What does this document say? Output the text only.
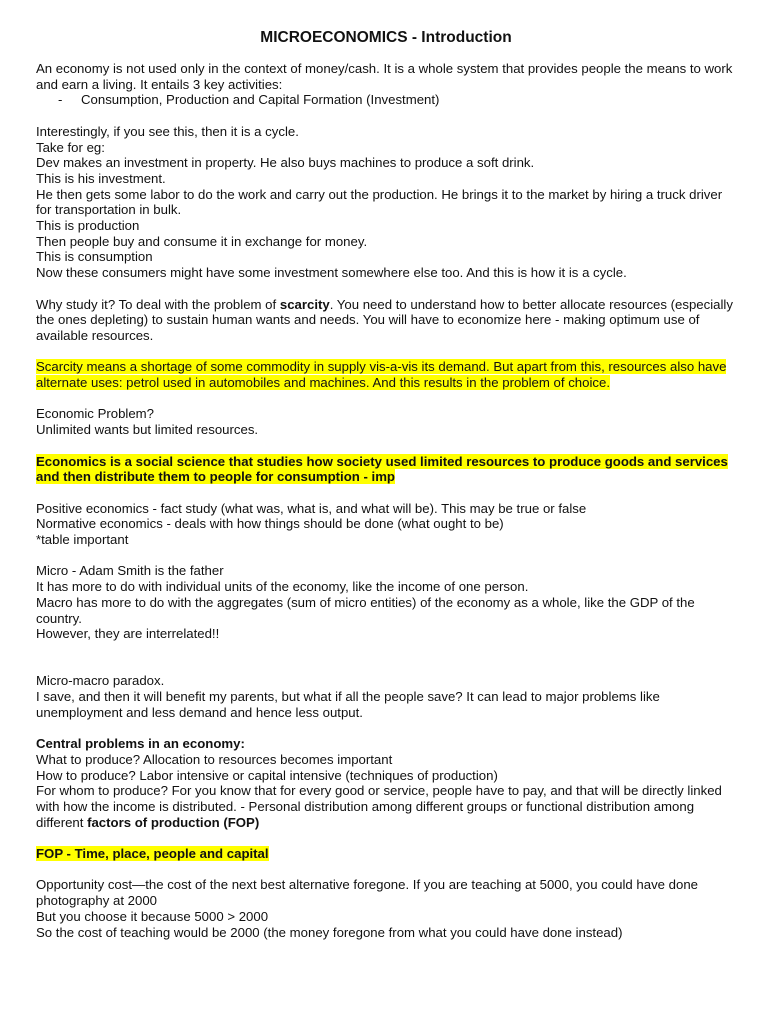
MICROECONOMICS - Introduction

An economy is not used only in the context of money/cash. It is a whole system that provides people the means to work and earn a living. It entails 3 key activities:

-	Consumption, Production and Capital Formation (Investment)

Interestingly, if you see this, then it is a cycle.

Take for eg:

Dev makes an investment in property. He also buys machines to produce a soft drink.

This is his investment.

He then gets some labor to do the work and carry out the production. He brings it to the market by hiring a truck driver for transportation in bulk.

This is production

Then people buy and consume it in exchange for money.

This is consumption

Now these consumers might have some investment somewhere else too. And this is how it is a cycle.

Why study it? To deal with the problem of scarcity. You need to understand how to better allocate resources (especially the ones depleting) to sustain human wants and needs. You will have to economize here - making optimum use of available resources.

Scarcity means a shortage of some commodity in supply vis-a-vis its demand. But apart from this, resources also have alternate uses: petrol used in automobiles and machines. And this results in the problem of choice.

Economic Problem?

Unlimited wants but limited resources.

Economics is a social science that studies how society used limited resources to produce goods and services and then distribute them to people for consumption - imp

Positive economics - fact study (what was, what is, and what will be). This may be true or false

Normative economics - deals with how things should be done (what ought to be)

*table important

Micro - Adam Smith is the father

It has more to do with individual units of the economy, like the income of one person.

Macro has more to do with the aggregates (sum of micro entities) of the economy as a whole, like the GDP of the country.

However, they are interrelated!!

Micro-macro paradox.

I save, and then it will benefit my parents, but what if all the people save? It can lead to major problems like unemployment and less demand and hence less output.

Central problems in an economy:

What to produce? Allocation to resources becomes important

How to produce? Labor intensive or capital intensive (techniques of production)

For whom to produce? For you know that for every good or service, people have to pay, and that will be directly linked with how the income is distributed. - Personal distribution among different groups or functional distribution among different factors of production (FOP)

FOP - Time, place, people and capital

Opportunity cost—the cost of the next best alternative foregone. If you are teaching at 5000, you could have done photography at 2000

But you choose it because 5000 > 2000

So the cost of teaching would be 2000 (the money foregone from what you could have done instead)
